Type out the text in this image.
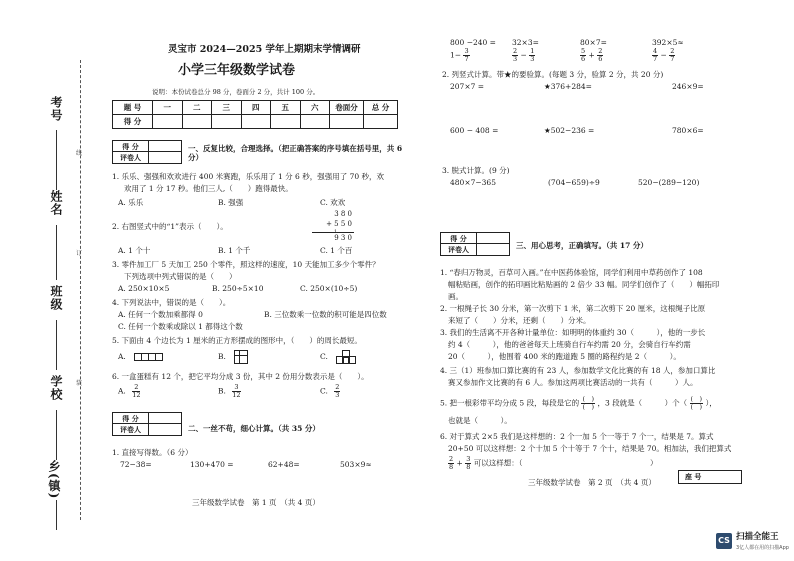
考号
姓名
班级
学校
乡(镇)
线
订
装
灵宝市 2024—2025 学年上期期末学情调研
小学三年级数学试卷
说明：本份试卷总分 98 分，卷面分 2 分，共计 100 分。
题 号	一	二	三	四	五	六	卷面分	总 分
得 分								
得 分
评卷人
一、反复比较，合理选择。（把正确答案的序号填在括号里，共 6 分）
1. 乐乐、强强和欢欢进行 400 米赛跑，乐乐用了 1 分 6 秒，强强用了 70 秒，欢
欢用了 1 分 17 秒。他们三人,（　　）跑得最快。
A. 乐乐	B. 强强	C. 欢欢
2. 右图竖式中的“1”表示（　　）。
3 8 0
+ 5 5 0
1
9 3 0
A. 1 个十	B. 1 个千	C. 1 个百
3. 零件加工厂 5 天加工 250 个零件，照这样的速度，10 天能加工多少个零件？
下列选项中列式错误的是（　　）
A. 250×10×5	B. 250÷5×10	C. 250×(10÷5)
4. 下列说法中，错误的是（　　）。
A. 任何一个数加乘都得 0	B. 三位数乘一位数的积可能是四位数
C. 任何一个数乘或除以 1 都得这个数
5. 下面由 4 个边长为 1 厘米的正方形摆成的图形中，（　　）的周长最短。
A.	B.	C.
6. 一盒蛋糕有 12 个，把它平均分成 3 份，其中 2 份用分数表示是（　　）。
A. $\frac{2}{12}$	B. $\frac{3}{12}$	C. $\frac{2}{3}$
得 分
评卷人	二、一丝不苟，细心计算。（共 35 分）
1. 直接写得数。（6 分）
72−38=	130+470 =	62+48=	503×9≈
三年级数学试卷　第 1 页　（共 4 页）
800 −240 = 32×3=	80×7=	392×5≈
$1- \frac{3}{7}$	$\frac{2}{3} - \frac{1}{3}$	$\frac{5}{6} + \frac{2}{6}$	$\frac{4}{7} - \frac{2}{7}$
2. 列竖式计算。带★的要验算。(每题 3 分，验算 2 分，共 20 分)
207×7 =	★376+284=	246×9=
600 − 408 =	★502−236 =	780×6=
3. 脱式计算。(9 分)
480×7−365	(704−659)÷9	520−(289−120)
得 分
评卷人	三、用心思考，正确填写。（共 17 分）
1. “春归万物灵，百草可入画。”在中医药体验馆，同学们利用中草药创作了 108
幅粘贴画，创作的拓印画比粘贴画的 2 倍少 33 幅。同学们创作了（　　）幅拓印
画。
2. 一根绳子长 30 分米，第一次剪下 1 米，第二次剪下 20 厘米，这根绳子比原
来短了（　　）分米，还剩（　　）分米。
3. 我们的生活离不开各种计量单位：如明明的体重约 30（　　　），他的一步长
约 4（　　　），他的爸爸每天上班骑自行车约需 20 分，会骑自行车约需
20（　　　），他围着 400 米的跑道跑 5 圈的路程约是 2（　　　）。
4. 三（1）班参加口算比赛的有 23 人，参加数学文化比赛的有 18 人，参加口算比
赛又参加作文比赛的有 6 人。参加这两项比赛活动的一共有（　　　）人。
5. 把一根彩带平均分成 5 段，每段是它的 $\frac{( )}{( )}$ ，3 段就是（　　　）个（ $\frac{( )}{( )}$ ），
也就是（　　　）。
6. 对于算式 2×5 我们是这样想的：2 个一加 5 个一等于 7 个一，结果是 7。算式
20+50 可以这样想：2 个十加 5 个十等于 7 个十，结果是 70。相加法，我们把算式
$\frac{2}{8} + \frac{3}{8}$ 可以这样想：（　　　　　　　　　　　　　　　　　）
三年级数学试卷　第 2 页　（共 4 页）
座 号
CS 扫描全能王
3亿人都在用的扫描App
